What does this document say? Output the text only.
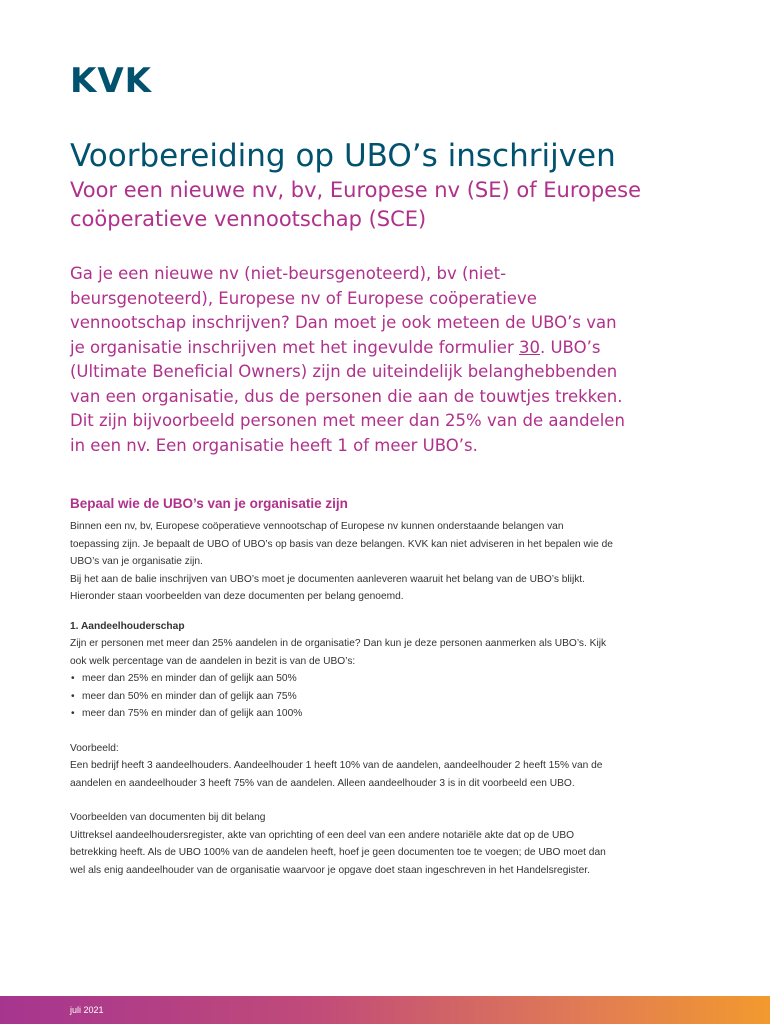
KVK
Voorbereiding op UBO’s inschrijven
Voor een nieuwe nv, bv, Europese nv (SE) of Europese coöperatieve vennootschap (SCE)

Ga je een nieuwe nv (niet-beursgenoteerd), bv (niet-beursgenoteerd), Europese nv of Europese coöperatieve vennootschap inschrijven? Dan moet je ook meteen de UBO’s van je organisatie inschrijven met het ingevulde formulier 30. UBO’s (Ultimate Beneficial Owners) zijn de uiteindelijk belanghebbenden van een organisatie, dus de personen die aan de touwtjes trekken. Dit zijn bijvoorbeeld personen met meer dan 25% van de aandelen in een nv. Een organisatie heeft 1 of meer UBO’s.

Bepaal wie de UBO’s van je organisatie zijn

Binnen een nv, bv, Europese coöperatieve vennootschap of Europese nv kunnen onderstaande belangen van toepassing zijn. Je bepaalt de UBO of UBO’s op basis van deze belangen. KVK kan niet adviseren in het bepalen wie de UBO’s van je organisatie zijn.

Bij het aan de balie inschrijven van UBO’s moet je documenten aanleveren waaruit het belang van de UBO’s blijkt. Hieronder staan voorbeelden van deze documenten per belang genoemd.

1. Aandeelhouderschap

Zijn er personen met meer dan 25% aandelen in de organisatie? Dan kun je deze personen aanmerken als UBO’s. Kijk ook welk percentage van de aandelen in bezit is van de UBO’s:

• meer dan 25% en minder dan of gelijk aan 50%
• meer dan 50% en minder dan of gelijk aan 75%
• meer dan 75% en minder dan of gelijk aan 100%

Voorbeeld:

Een bedrijf heeft 3 aandeelhouders. Aandeelhouder 1 heeft 10% van de aandelen, aandeelhouder 2 heeft 15% van de aandelen en aandeelhouder 3 heeft 75% van de aandelen. Alleen aandeelhouder 3 is in dit voorbeeld een UBO.

Voorbeelden van documenten bij dit belang

Uittreksel aandeelhoudersregister, akte van oprichting of een deel van een andere notariële akte dat op de UBO betrekking heeft. Als de UBO 100% van de aandelen heeft, hoef je geen documenten toe te voegen; de UBO moet dan wel als enig aandeelhouder van de organisatie waarvoor je opgave doet staan ingeschreven in het Handelsregister.

juli 2021
